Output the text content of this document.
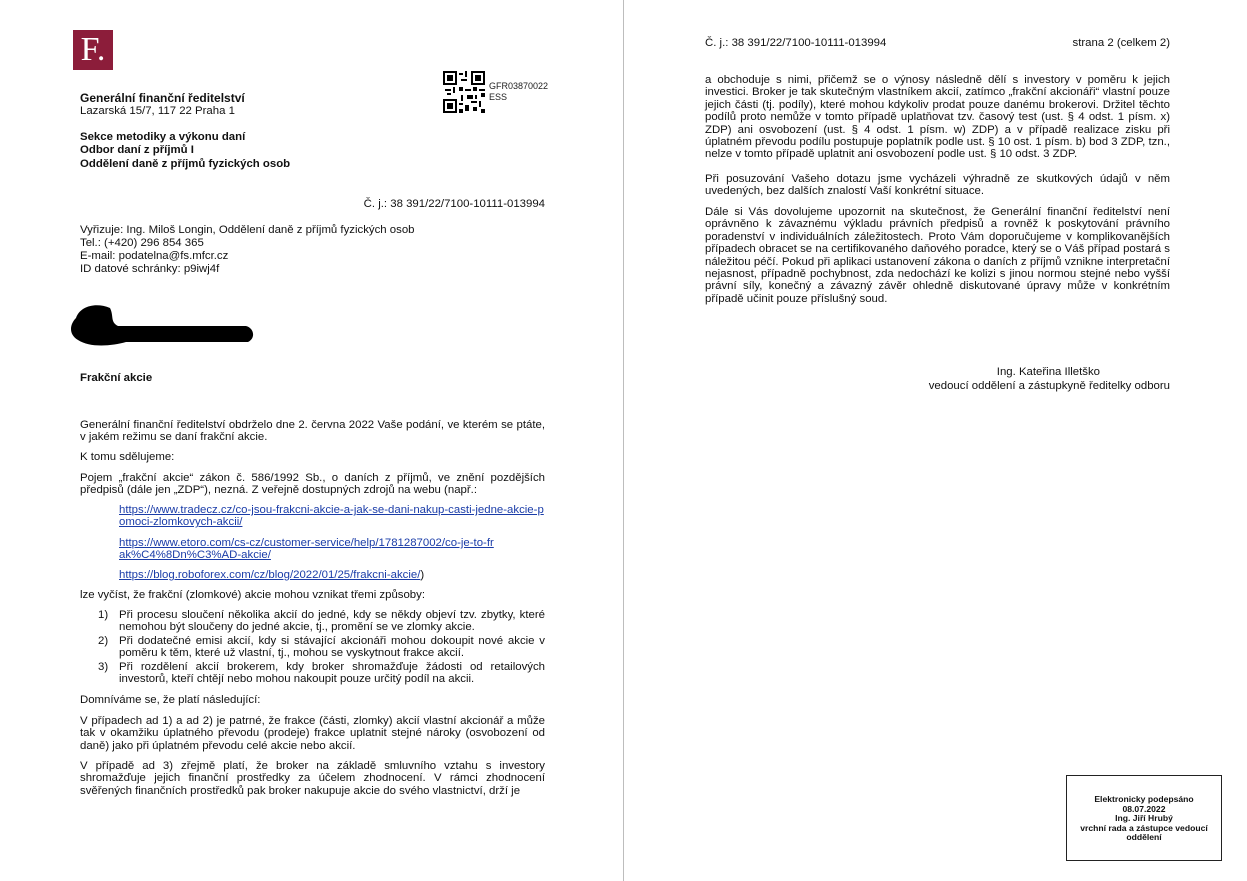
F.
GFR03870022
ESS
Generální finanční ředitelství
Lazarská 15/7, 117 22 Praha 1
Sekce metodiky a výkonu daní
Odbor daní z příjmů I
Oddělení daně z příjmů fyzických osob
Č. j.: 38 391/22/7100-10111-013994
Vyřizuje: Ing. Miloš Longin, Oddělení daně z příjmů fyzických osob
Tel.: (+420) 296 854 365
E-mail: podatelna@fs.mfcr.cz
ID datové schránky: p9iwj4f
Frakční akcie
Generální finanční ředitelství obdrželo dne 2. června 2022 Vaše podání, ve kterém se ptáte, v jakém režimu se daní frakční akcie.
K tomu sdělujeme:
Pojem „frakční akcie“ zákon č. 586/1992 Sb., o daních z příjmů, ve znění pozdějších předpisů (dále jen „ZDP“), nezná. Z veřejně dostupných zdrojů na webu (např.:
https://www.tradecz.cz/co-jsou-frakcni-akcie-a-jak-se-dani-nakup-casti-jedne-akcie-pomoci-zlomkovych-akcii/
https://www.etoro.com/cs-cz/customer-service/help/1781287002/co-je-to-frak%C4%8Dn%C3%AD-akcie/
https://blog.roboforex.com/cz/blog/2022/01/25/frakcni-akcie/)
lze vyčíst, že frakční (zlomkové) akcie mohou vznikat třemi způsoby:
1) Při procesu sloučení několika akcií do jedné, kdy se někdy objeví tzv. zbytky, které nemohou být sloučeny do jedné akcie, tj., promění se ve zlomky akcie.
2) Při dodatečné emisi akcií, kdy si stávající akcionáři mohou dokoupit nové akcie v poměru k těm, které už vlastní, tj., mohou se vyskytnout frakce akcií.
3) Při rozdělení akcií brokerem, kdy broker shromažďuje žádosti od retailových investorů, kteří chtějí nebo mohou nakoupit pouze určitý podíl na akcii.
Domníváme se, že platí následující:
V případech ad 1) a ad 2) je patrné, že frakce (části, zlomky) akcií vlastní akcionář a může tak v okamžiku úplatného převodu (prodeje) frakce uplatnit stejné nároky (osvobození od daně) jako při úplatném převodu celé akcie nebo akcií.
V případě ad 3) zřejmě platí, že broker na základě smluvního vztahu s investory shromažďuje jejich finanční prostředky za účelem zhodnocení. V rámci zhodnocení svěřených finančních prostředků pak broker nakupuje akcie do svého vlastnictví, drží je
Č. j.: 38 391/22/7100-10111-013994	strana 2 (celkem 2)
a obchoduje s nimi, přičemž se o výnosy následně dělí s investory v poměru k jejich investici. Broker je tak skutečným vlastníkem akcií, zatímco „frakční akcionáři“ vlastní pouze jejich části (tj. podíly), které mohou kdykoliv prodat pouze danému brokerovi. Držitel těchto podílů proto nemůže v tomto případě uplatňovat tzv. časový test (ust. § 4 odst. 1 písm. x) ZDP) ani osvobození (ust. § 4 odst. 1 písm. w) ZDP) a v případě realizace zisku při úplatném převodu podílu postupuje poplatník podle ust. § 10 ost. 1 písm. b) bod 3 ZDP, tzn., nelze v tomto případě uplatnit ani osvobození podle ust. § 10 odst. 3 ZDP.
Při posuzování Vašeho dotazu jsme vycházeli výhradně ze skutkových údajů v něm uvedených, bez dalších znalostí Vaší konkrétní situace.
Dále si Vás dovolujeme upozornit na skutečnost, že Generální finanční ředitelství není oprávněno k závaznému výkladu právních předpisů a rovněž k poskytování právního poradenství v individuálních záležitostech. Proto Vám doporučujeme v komplikovanějších případech obracet se na certifikovaného daňového poradce, který se o Váš případ postará s náležitou péčí. Pokud při aplikaci ustanovení zákona o daních z příjmů vznikne interpretační nejasnost, případně pochybnost, zda nedochází ke kolizi s jinou normou stejné nebo vyšší právní síly, konečný a závazný závěr ohledně diskutované úpravy může v konkrétním případě učinit pouze příslušný soud.
Ing. Kateřina Illetško
vedoucí oddělení a zástupkyně ředitelky odboru
Elektronicky podepsáno
08.07.2022
Ing. Jiří Hrubý
vrchní rada a zástupce vedoucí oddělení
